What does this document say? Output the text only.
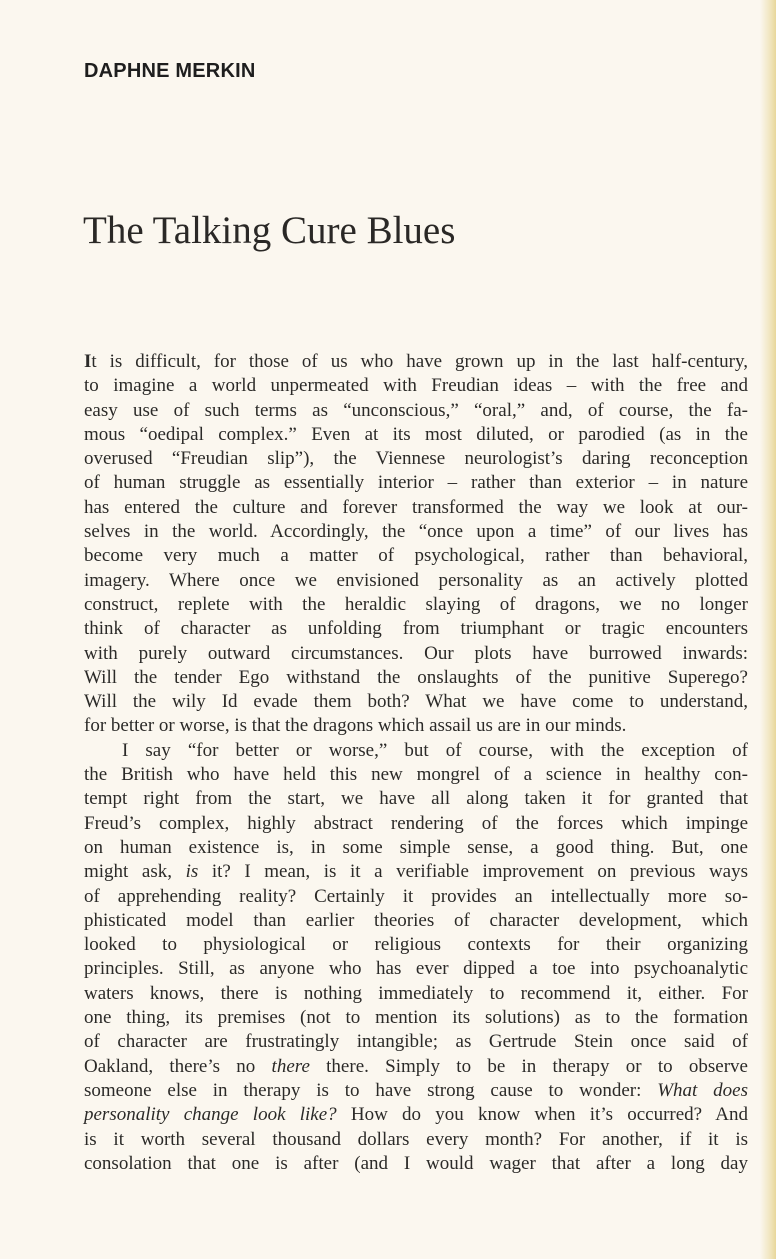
DAPHNE MERKIN
The Talking Cure Blues

It is difficult, for those of us who have grown up in the last half-century,
to imagine a world unpermeated with Freudian ideas – with the free and
easy use of such terms as “unconscious,” “oral,” and, of course, the fa-
mous “oedipal complex.” Even at its most diluted, or parodied (as in the
overused “Freudian slip”), the Viennese neurologist’s daring reconception
of human struggle as essentially interior – rather than exterior – in nature
has entered the culture and forever transformed the way we look at our-
selves in the world. Accordingly, the “once upon a time” of our lives has
become very much a matter of psychological, rather than behavioral,
imagery. Where once we envisioned personality as an actively plotted
construct, replete with the heraldic slaying of dragons, we no longer
think of character as unfolding from triumphant or tragic encounters
with purely outward circumstances. Our plots have burrowed inwards:
Will the tender Ego withstand the onslaughts of the punitive Superego?
Will the wily Id evade them both? What we have come to understand,
for better or worse, is that the dragons which assail us are in our minds.

I say “for better or worse,” but of course, with the exception of
the British who have held this new mongrel of a science in healthy con-
tempt right from the start, we have all along taken it for granted that
Freud’s complex, highly abstract rendering of the forces which impinge
on human existence is, in some simple sense, a good thing. But, one
might ask, is it? I mean, is it a verifiable improvement on previous ways
of apprehending reality? Certainly it provides an intellectually more so-
phisticated model than earlier theories of character development, which
looked to physiological or religious contexts for their organizing
principles. Still, as anyone who has ever dipped a toe into psychoanalytic
waters knows, there is nothing immediately to recommend it, either. For
one thing, its premises (not to mention its solutions) as to the formation
of character are frustratingly intangible; as Gertrude Stein once said of
Oakland, there’s no there there. Simply to be in therapy or to observe
someone else in therapy is to have strong cause to wonder: What does
personality change look like? How do you know when it’s occurred? And
is it worth several thousand dollars every month? For another, if it is
consolation that one is after (and I would wager that after a long day
